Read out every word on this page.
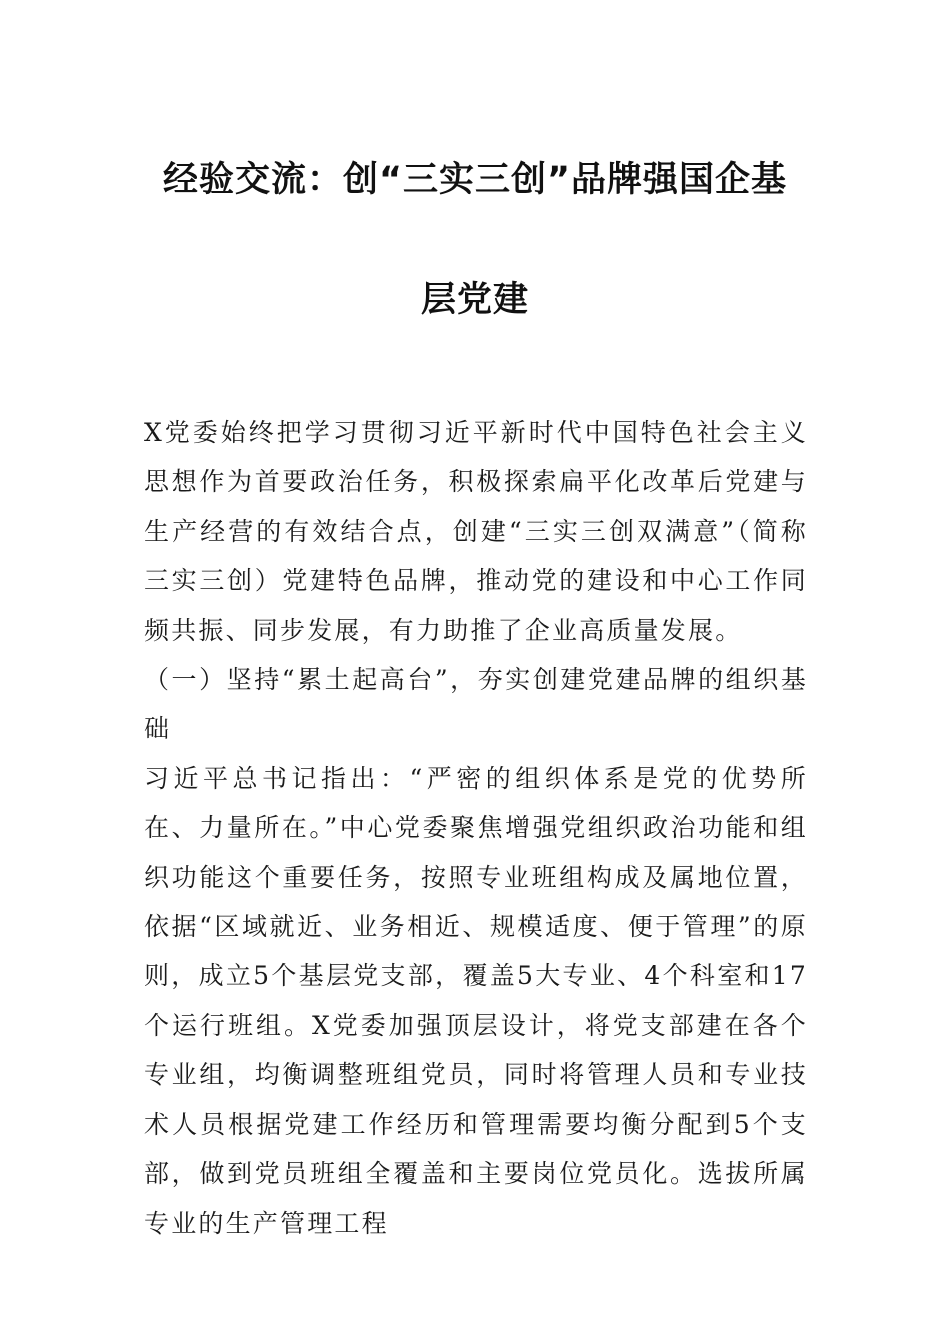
经验交流：创“三实三创”品牌强国企基
层党建

X党委始终把学习贯彻习近平新时代中国特色社会主义思想作为首要政治任务，积极探索扁平化改革后党建与生产经营的有效结合点，创建“三实三创双满意”（简称三实三创）党建特色品牌，推动党的建设和中心工作同频共振、同步发展，有力助推了企业高质量发展。

（一）坚持“累土起高台”，夯实创建党建品牌的组织基础

习近平总书记指出：“严密的组织体系是党的优势所在、力量所在。”中心党委聚焦增强党组织政治功能和组织功能这个重要任务，按照专业班组构成及属地位置，依据“区域就近、业务相近、规模适度、便于管理”的原则，成立5个基层党支部，覆盖5大专业、4个科室和17个运行班组。X党委加强顶层设计，将党支部建在各个专业组，均衡调整班组党员，同时将管理人员和专业技术人员根据党建工作经历和管理需要均衡分配到5个支部，做到党员班组全覆盖和主要岗位党员化。选拔所属专业的生产管理工程
